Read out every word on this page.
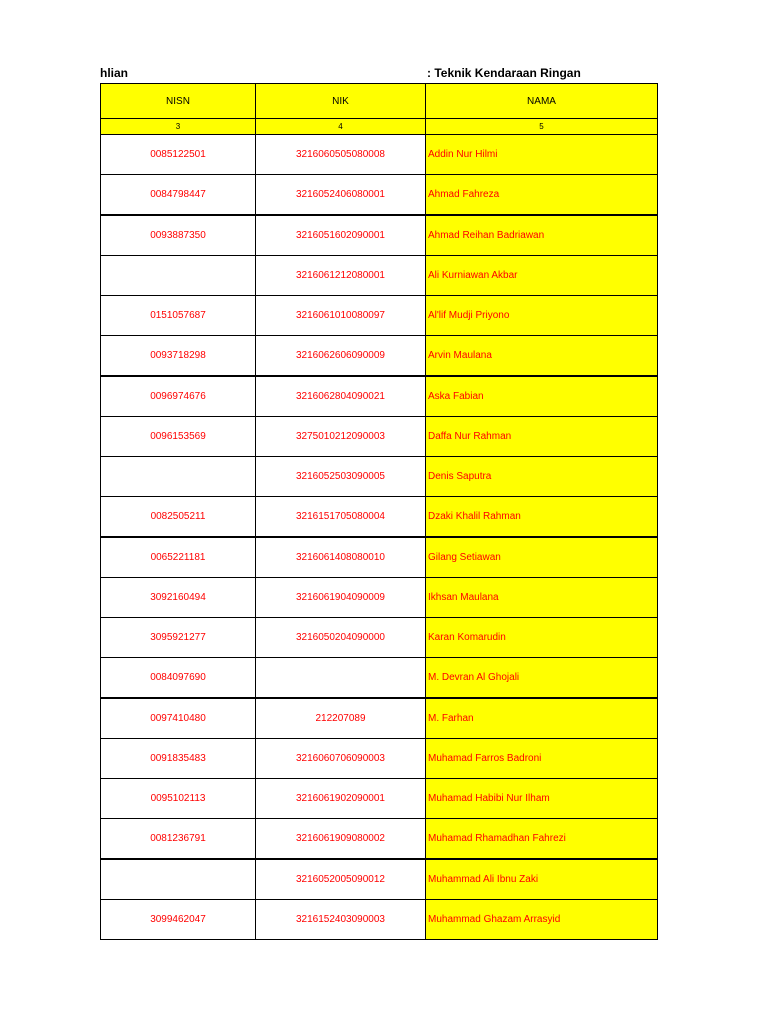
hlian	: Teknik Kendaraan Ringan
NISN	NIK	NAMA
3	4	5
0085122501	3216060505080008	Addin Nur Hilmi
0084798447	3216052406080001	Ahmad Fahreza
0093887350	3216051602090001	Ahmad Reihan Badriawan
	3216061212080001	Ali Kurniawan Akbar
0151057687	3216061010080097	Al'lif Mudji Priyono
0093718298	3216062606090009	Arvin Maulana
0096974676	3216062804090021	Aska Fabian
0096153569	3275010212090003	Daffa Nur Rahman
	3216052503090005	Denis Saputra
0082505211	3216151705080004	Dzaki Khalil Rahman
0065221181	3216061408080010	Gilang Setiawan
3092160494	3216061904090009	Ikhsan Maulana
3095921277	3216050204090000	Karan Komarudin
0084097690		M. Devran Al Ghojali
0097410480	212207089	M. Farhan
0091835483	3216060706090003	Muhamad Farros Badroni
0095102113	3216061902090001	Muhamad Habibi Nur Ilham
0081236791	3216061909080002	Muhamad Rhamadhan Fahrezi
	3216052005090012	Muhammad Ali Ibnu Zaki
3099462047	3216152403090003	Muhammad Ghazam Arrasyid
